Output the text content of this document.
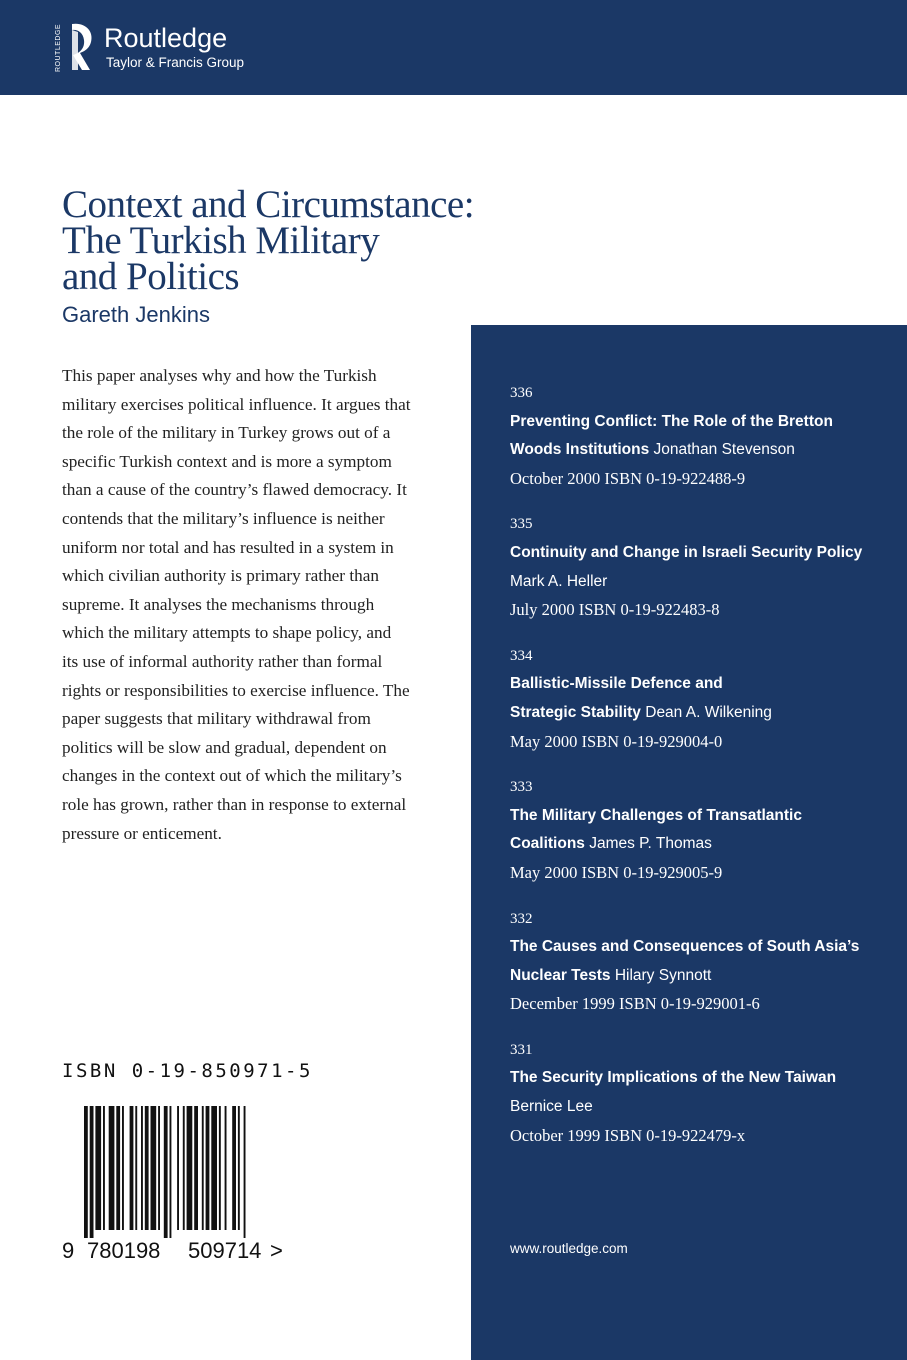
ROUTLEDGE Routledge
Taylor & Francis Group
Context and Circumstance:
The Turkish Military
and Politics
Gareth Jenkins
This paper analyses why and how the Turkish
military exercises political influence. It argues that
the role of the military in Turkey grows out of a
specific Turkish context and is more a symptom
than a cause of the country’s flawed democracy. It
contends that the military’s influence is neither
uniform nor total and has resulted in a system in
which civilian authority is primary rather than
supreme. It analyses the mechanisms through
which the military attempts to shape policy, and
its use of informal authority rather than formal
rights or responsibilities to exercise influence. The
paper suggests that military withdrawal from
politics will be slow and gradual, dependent on
changes in the context out of which the military’s
role has grown, rather than in response to external
pressure or enticement.
ISBN 0-19-850971-5
9 780198 509714 >
336
Preventing Conflict: The Role of the Bretton
Woods Institutions Jonathan Stevenson
October 2000 ISBN 0-19-922488-9
335
Continuity and Change in Israeli Security Policy
Mark A. Heller
July 2000 ISBN 0-19-922483-8
334
Ballistic-Missile Defence and
Strategic Stability Dean A. Wilkening
May 2000 ISBN 0-19-929004-0
333
The Military Challenges of Transatlantic
Coalitions James P. Thomas
May 2000 ISBN 0-19-929005-9
332
The Causes and Consequences of South Asia’s
Nuclear Tests Hilary Synnott
December 1999 ISBN 0-19-929001-6
331
The Security Implications of the New Taiwan
Bernice Lee
October 1999 ISBN 0-19-922479-x
www.routledge.com
